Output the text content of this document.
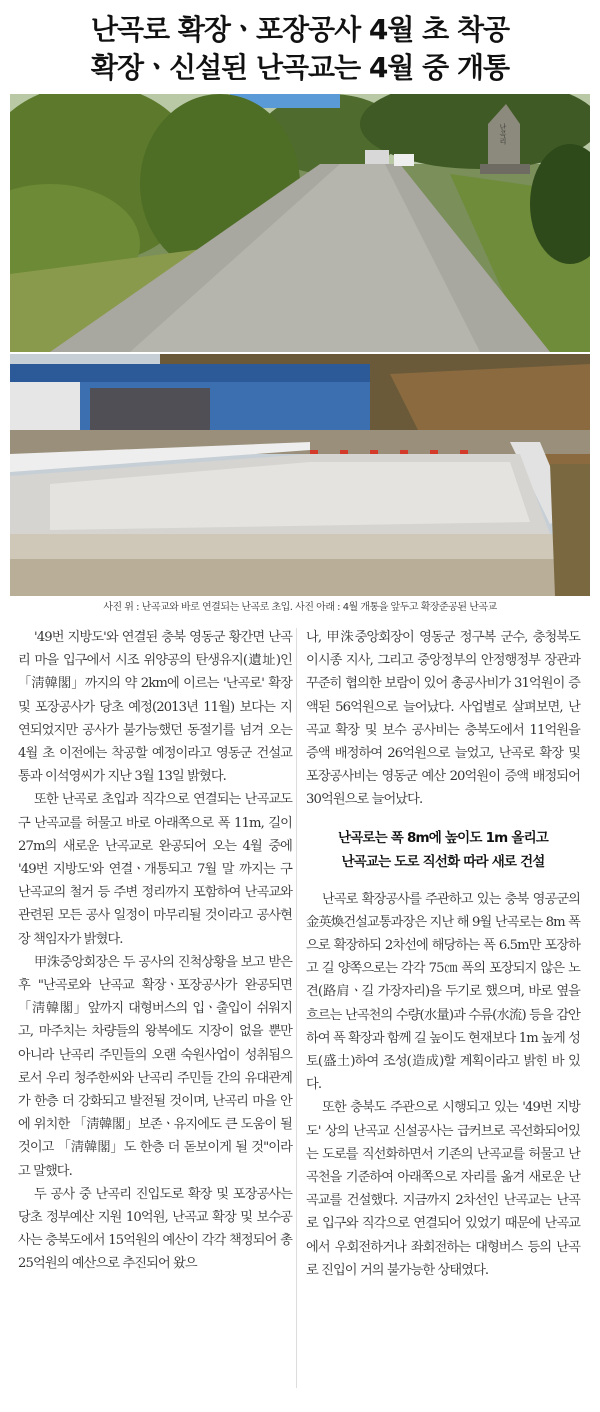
난곡로 확장ㆍ포장공사 4월 초 착공
확장ㆍ신설된 난곡교는 4월 중 개통
난곡리
사진 위 : 난곡교와 바로 연결되는 난곡로 초입. 사진 아래 : 4월 개통을 앞두고 확장준공된 난곡교

'49번 지방도'와 연결된 충북 영동군 황간면 난곡리 마을 입구에서 시조 위양공의 탄생유지(遺址)인 「淸韓閣」까지의 약 2km에 이르는 '난곡로' 확장 및 포장공사가 당초 예정(2013년 11월) 보다는 지연되었지만 공사가 불가능했던 동절기를 넘겨 오는 4월 초 이전에는 착공할 예정이라고 영동군 건설교통과 이석영씨가 지난 3월 13일 밝혔다.

또한 난곡로 초입과 직각으로 연결되는 난곡교도 구 난곡교를 허물고 바로 아래쪽으로 폭 11m, 길이 27m의 새로운 난곡교로 완공되어 오는 4월 중에 '49번 지방도'와 연결ㆍ개통되고 7월 말 까지는 구 난곡교의 철거 등 주변 정리까지 포함하여 난곡교와 관련된 모든 공사 일정이 마무리될 것이라고 공사현장 책임자가 밝혔다.

甲洙중앙회장은 두 공사의 진척상황을 보고 받은 후 "난곡로와 난곡교 확장ㆍ포장공사가 완공되면 「淸韓閣」앞까지 대형버스의 입ㆍ출입이 쉬워지고, 마주치는 차량들의 왕복에도 지장이 없을 뿐만 아니라 난곡리 주민들의 오랜 숙원사업이 성취됨으로서 우리 청주한씨와 난곡리 주민들 간의 유대관계가 한층 더 강화되고 발전될 것이며, 난곡리 마을 안에 위치한 「淸韓閣」보존ㆍ유지에도 큰 도움이 될 것이고 「淸韓閣」도 한층 더 돋보이게 될 것"이라고 말했다.

두 공사 중 난곡리 진입도로 확장 및 포장공사는 당초 정부예산 지원 10억원, 난곡교 확장 및 보수공사는 충북도에서 15억원의 예산이 각각 책정되어 총 25억원의 예산으로 추진되어 왔으

나, 甲洙중앙회장이 영동군 정구복 군수, 충청북도 이시종 지사, 그리고 중앙정부의 안정행정부 장관과 꾸준히 협의한 보람이 있어 총공사비가 31억원이 증액된 56억원으로 늘어났다. 사업별로 살펴보면, 난곡교 확장 및 보수 공사비는 충북도에서 11억원을 증액 배정하여 26억원으로 늘었고, 난곡로 확장 및 포장공사비는 영동군 예산 20억원이 증액 배정되어 30억원으로 늘어났다.

난곡로는 폭 8m에 높이도 1m 올리고
난곡교는 도로 직선화 따라 새로 건설

난곡로 확장공사를 주관하고 있는 충북 영공군의 金英煥건설교통과장은 지난 해 9월 난곡로는 8m 폭으로 확장하되 2차선에 해당하는 폭 6.5m만 포장하고 길 양쪽으로는 각각 75㎝ 폭의 포장되지 않은 노견(路肩ㆍ길 가장자리)을 두기로 했으며, 바로 옆을 흐르는 난곡천의 수량(水量)과 수류(水流) 등을 감안하여 폭 확장과 함께 길 높이도 현재보다 1m 높게 성토(盛土)하여 조성(造成)할 계획이라고 밝힌 바 있다.

또한 충북도 주관으로 시행되고 있는 '49번 지방도' 상의 난곡교 신설공사는 급커브로 곡선화되어있는 도로를 직선화하면서 기존의 난곡교를 허물고 난곡천을 기준하여 아래쪽으로 자리를 옮겨 새로운 난곡교를 건설했다. 지금까지 2차선인 난곡교는 난곡로 입구와 직각으로 연결되어 있었기 때문에 난곡교에서 우회전하거나 좌회전하는 대형버스 등의 난곡로 진입이 거의 불가능한 상태였다.
